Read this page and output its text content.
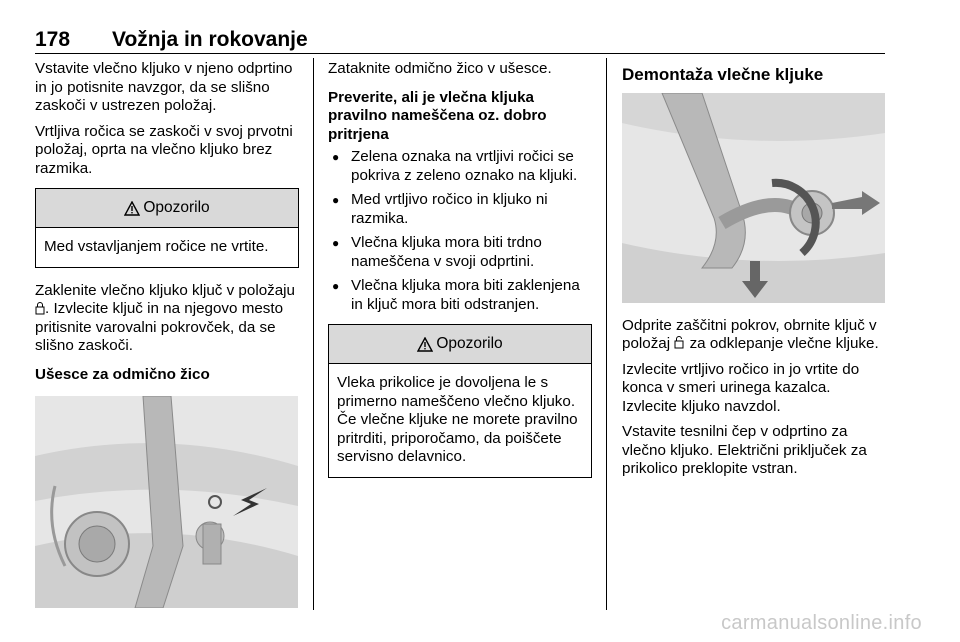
178 Vožnja in rokovanje

Vstavite vlečno kljuko v njeno odprtino in jo potisnite navzgor, da se slišno zaskoči v ustrezen položaj.

Vrtljiva ročica se zaskoči v svoj prvotni položaj, oprta na vlečno kljuko brez razmika.

Opozorilo
Med vstavljanjem ročice ne vrtite.

Zaklenite vlečno kljuko ključ v položaju . Izvlecite ključ in na njegovo mesto pritisnite varovalni pokrovček, da se slišno zaskoči.

Ušesce za odmično žico

Zataknite odmično žico v ušesce.

Preverite, ali je vlečna kljuka pravilno nameščena oz. dobro pritrjena

● Zelena oznaka na vrtljivi ročici se pokriva z zeleno oznako na kljuki.
● Med vrtljivo ročico in kljuko ni razmika.
● Vlečna kljuka mora biti trdno nameščena v svoji odprtini.
● Vlečna kljuka mora biti zaklenjena in ključ mora biti odstranjen.
Opozorilo
Vleka prikolice je dovoljena le s primerno nameščeno vlečno kljuko. Če vlečne kljuke ne morete pravilno pritrditi, priporočamo, da poiščete servisno delavnico.

Demontaža vlečne kljuke

Odprite zaščitni pokrov, obrnite ključ v položaj  za odklepanje vlečne kljuke.

Izvlecite vrtljivo ročico in jo vrtite do konca v smeri urinega kazalca. Izvlecite kljuko navzdol.

Vstavite tesnilni čep v odprtino za vlečno kljuko. Električni priključek za prikolico preklopite vstran.

carmanualsonline.info
